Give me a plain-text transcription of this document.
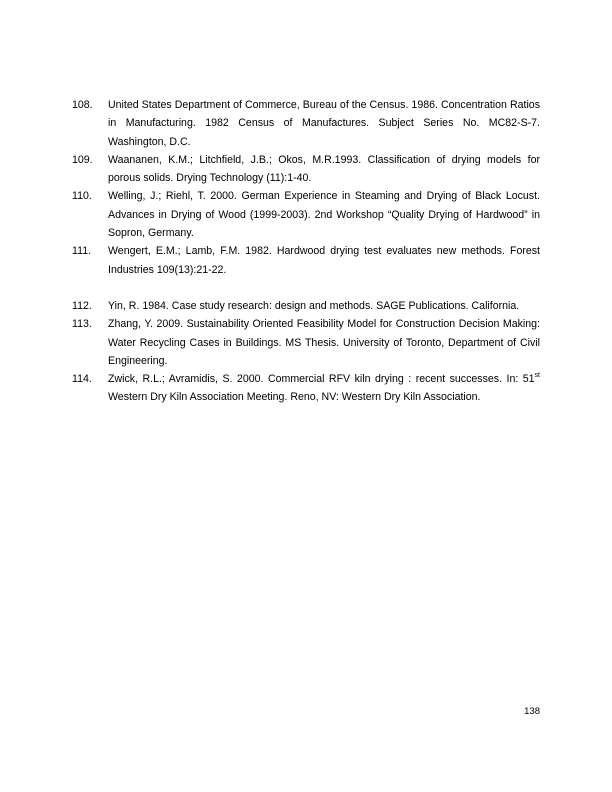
108.	United States Department of Commerce, Bureau of the Census. 1986. Concentration Ratios in Manufacturing. 1982 Census of Manufactures. Subject Series No. MC82-S-7. Washington, D.C.
109.	Waananen, K.M.; Litchfield, J.B.; Okos, M.R.1993. Classification of drying models for porous solids. Drying Technology (11):1-40.
110.	Welling, J.; Riehl, T. 2000. German Experience in Steaming and Drying of Black Locust. Advances in Drying of Wood (1999-2003). 2nd Workshop “Quality Drying of Hardwood” in Sopron, Germany.
111.	Wengert, E.M.; Lamb, F.M. 1982. Hardwood drying test evaluates new methods. Forest Industries 109(13):21-22.
112.	Yin, R. 1984. Case study research: design and methods. SAGE Publications. California.
113.	Zhang, Y. 2009. Sustainability Oriented Feasibility Model for Construction Decision Making: Water Recycling Cases in Buildings. MS Thesis. University of Toronto, Department of Civil Engineering.
114.	Zwick, R.L.; Avramidis, S. 2000. Commercial RFV kiln drying : recent successes. In: 51st Western Dry Kiln Association Meeting. Reno, NV: Western Dry Kiln Association.
138
